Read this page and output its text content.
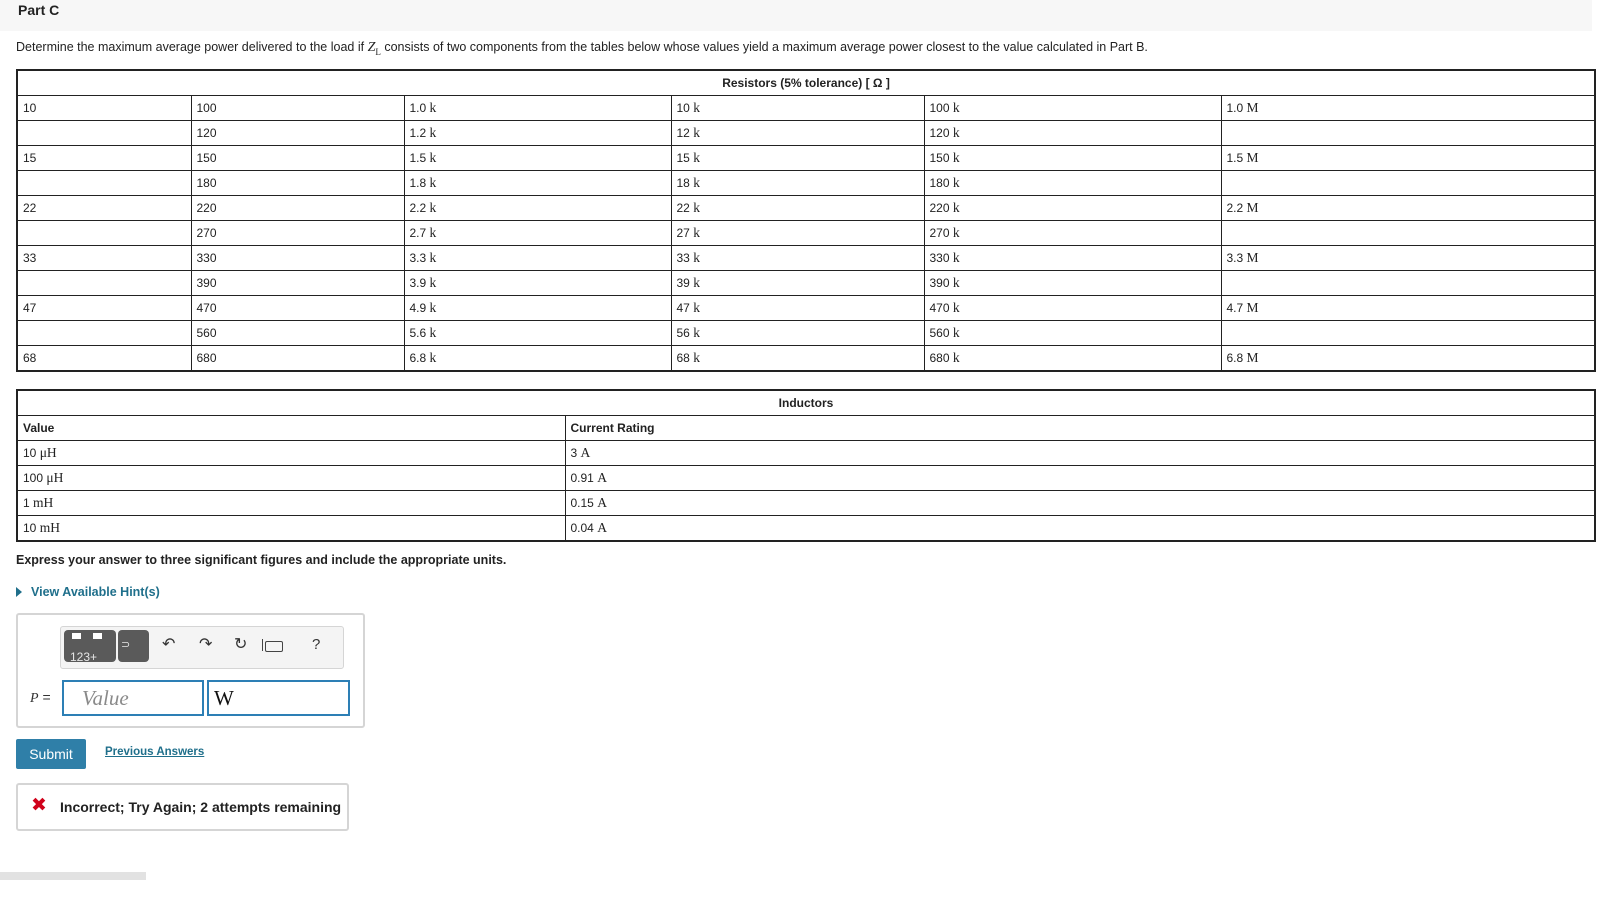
Part C
Determine the maximum average power delivered to the load if $Z_L$ consists of two components from the tables below whose values yield a maximum average power closest to the value calculated in Part B.
Resistors (5% tolerance) [ Ω ]					
10	100	1.0 k	10 k	100 k	1.0 M
	120	1.2 k	12 k	120 k	
15	150	1.5 k	15 k	150 k	1.5 M
	180	1.8 k	18 k	180 k	
22	220	2.2 k	22 k	220 k	2.2 M
	270	2.7 k	27 k	270 k	
33	330	3.3 k	33 k	330 k	3.3 M
	390	3.9 k	39 k	390 k	
47	470	4.9 k	47 k	470 k	4.7 M
	560	5.6 k	56 k	560 k	
68	680	6.8 k	68 k	680 k	6.8 M
Inductors	
Value	Current Rating
10 μH	3 A
100 μH	0.91 A
1 mH	0.15 A
10 mH	0.04 A
Express your answer to three significant figures and include the appropriate units.
View Available Hint(s)
123+
⊃ ↶ ↷ ↻	?
P =
Value
W
Submit	Previous Answers
✖ Incorrect; Try Again; 2 attempts remaining
